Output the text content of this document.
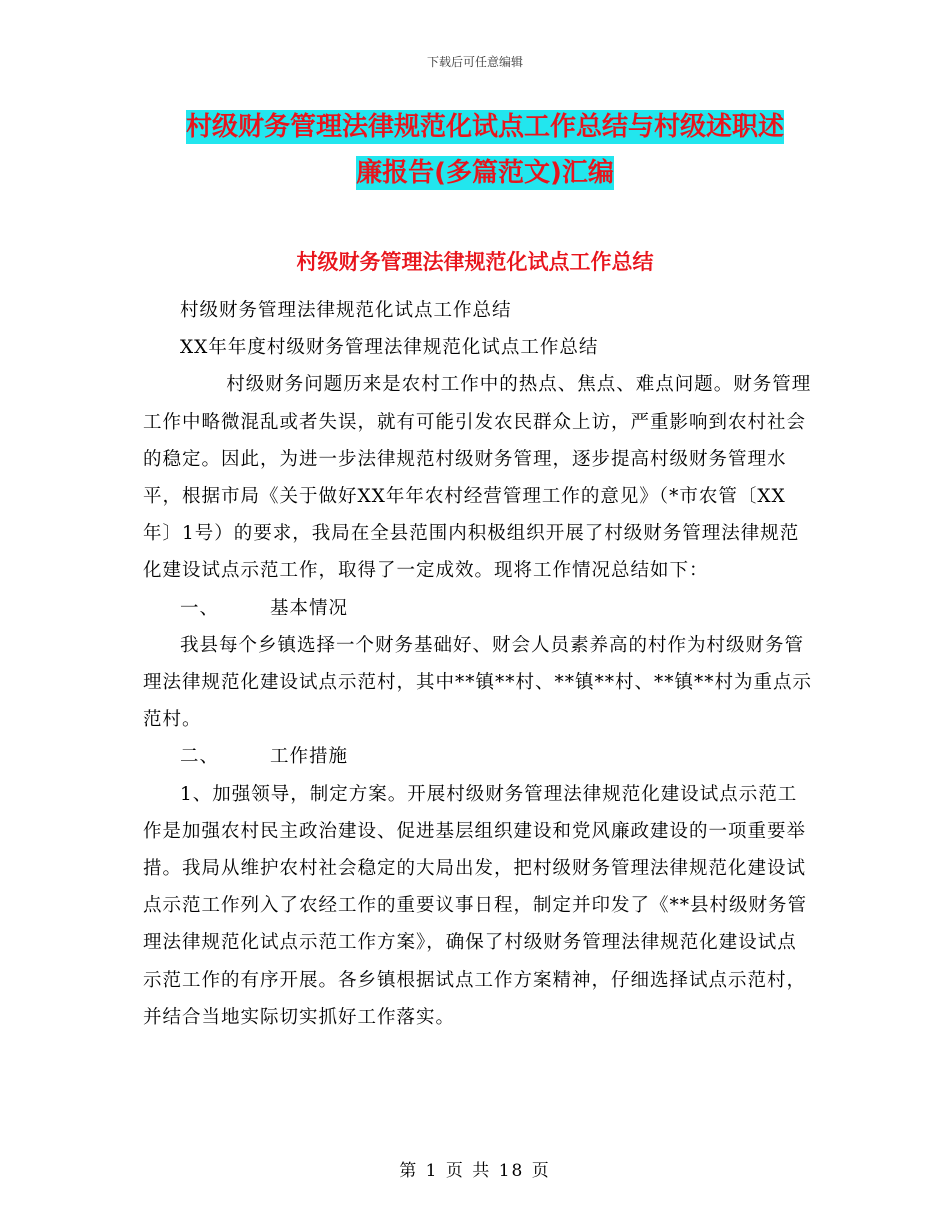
下载后可任意编辑
村级财务管理法律规范化试点工作总结与村级述职述
廉报告(多篇范文)汇编
村级财务管理法律规范化试点工作总结

村级财务管理法律规范化试点工作总结

XX年年度村级财务管理法律规范化试点工作总结

村级财务问题历来是农村工作中的热点、焦点、难点问题。财务管理工作中略微混乱或者失误，就有可能引发农民群众上访，严重影响到农村社会的稳定。因此，为进一步法律规范村级财务管理，逐步提高村级财务管理水平，根据市局《关于做好XX年年农村经营管理工作的意见》（*市农管〔XX年〕1号）的要求，我局在全县范围内积极组织开展了村级财务管理法律规范化建设试点示范工作，取得了一定成效。现将工作情况总结如下：

一、	基本情况

我县每个乡镇选择一个财务基础好、财会人员素养高的村作为村级财务管理法律规范化建设试点示范村，其中**镇**村、**镇**村、**镇**村为重点示范村。

二、	工作措施

1、加强领导，制定方案。开展村级财务管理法律规范化建设试点示范工作是加强农村民主政治建设、促进基层组织建设和党风廉政建设的一项重要举措。我局从维护农村社会稳定的大局出发，把村级财务管理法律规范化建设试点示范工作列入了农经工作的重要议事日程，制定并印发了《**县村级财务管理法律规范化试点示范工作方案》，确保了村级财务管理法律规范化建设试点示范工作的有序开展。各乡镇根据试点工作方案精神，仔细选择试点示范村，并结合当地实际切实抓好工作落实。

第 1 页 共 18 页
